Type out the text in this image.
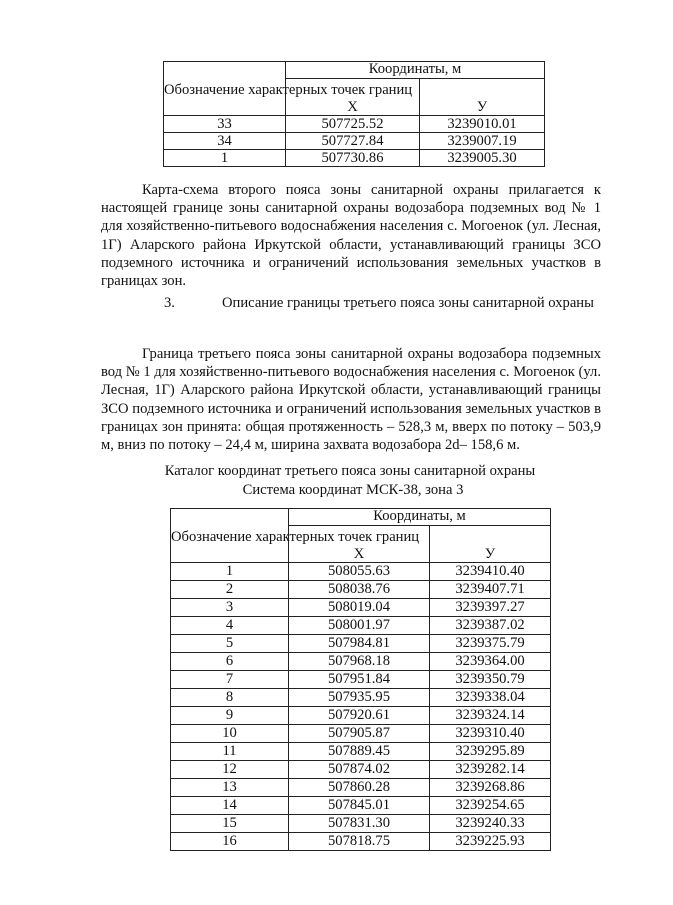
Обозначение характерных точек границ	Координаты, м	
	Х	У
33	507725.52	3239010.01
34	507727.84	3239007.19
1	507730.86	3239005.30

Карта-схема второго пояса зоны санитарной охраны прилагается к настоящей границе зоны санитарной охраны водозабора подземных вод № 1 для хозяйственно-питьевого водоснабжения населения с. Могоенок (ул. Лесная, 1Г) Аларского района Иркутской области, устанавливающий границы ЗСО подземного источника и ограничений использования земельных участков в границах зон.

3.	Описание границы третьего пояса зоны санитарной охраны

Граница третьего пояса зоны санитарной охраны водозабора подземных вод № 1 для хозяйственно-питьевого водоснабжения населения с. Могоенок (ул. Лесная, 1Г) Аларского района Иркутской области, устанавливающий границы ЗСО подземного источника и ограничений использования земельных участков в границах зон принята: общая протяженность – 528,3 м, вверх по потоку – 503,9 м, вниз по потоку – 24,4 м, ширина захвата водозабора 2d– 158,6 м.

Каталог координат третьего пояса зоны санитарной охраны
Система координат МСК-38, зона 3
Обозначение характерных точек границ	Координаты, м	
	Х	У
1	508055.63	3239410.40
2	508038.76	3239407.71
3	508019.04	3239397.27
4	508001.97	3239387.02
5	507984.81	3239375.79
6	507968.18	3239364.00
7	507951.84	3239350.79
8	507935.95	3239338.04
9	507920.61	3239324.14
10	507905.87	3239310.40
11	507889.45	3239295.89
12	507874.02	3239282.14
13	507860.28	3239268.86
14	507845.01	3239254.65
15	507831.30	3239240.33
16	507818.75	3239225.93
